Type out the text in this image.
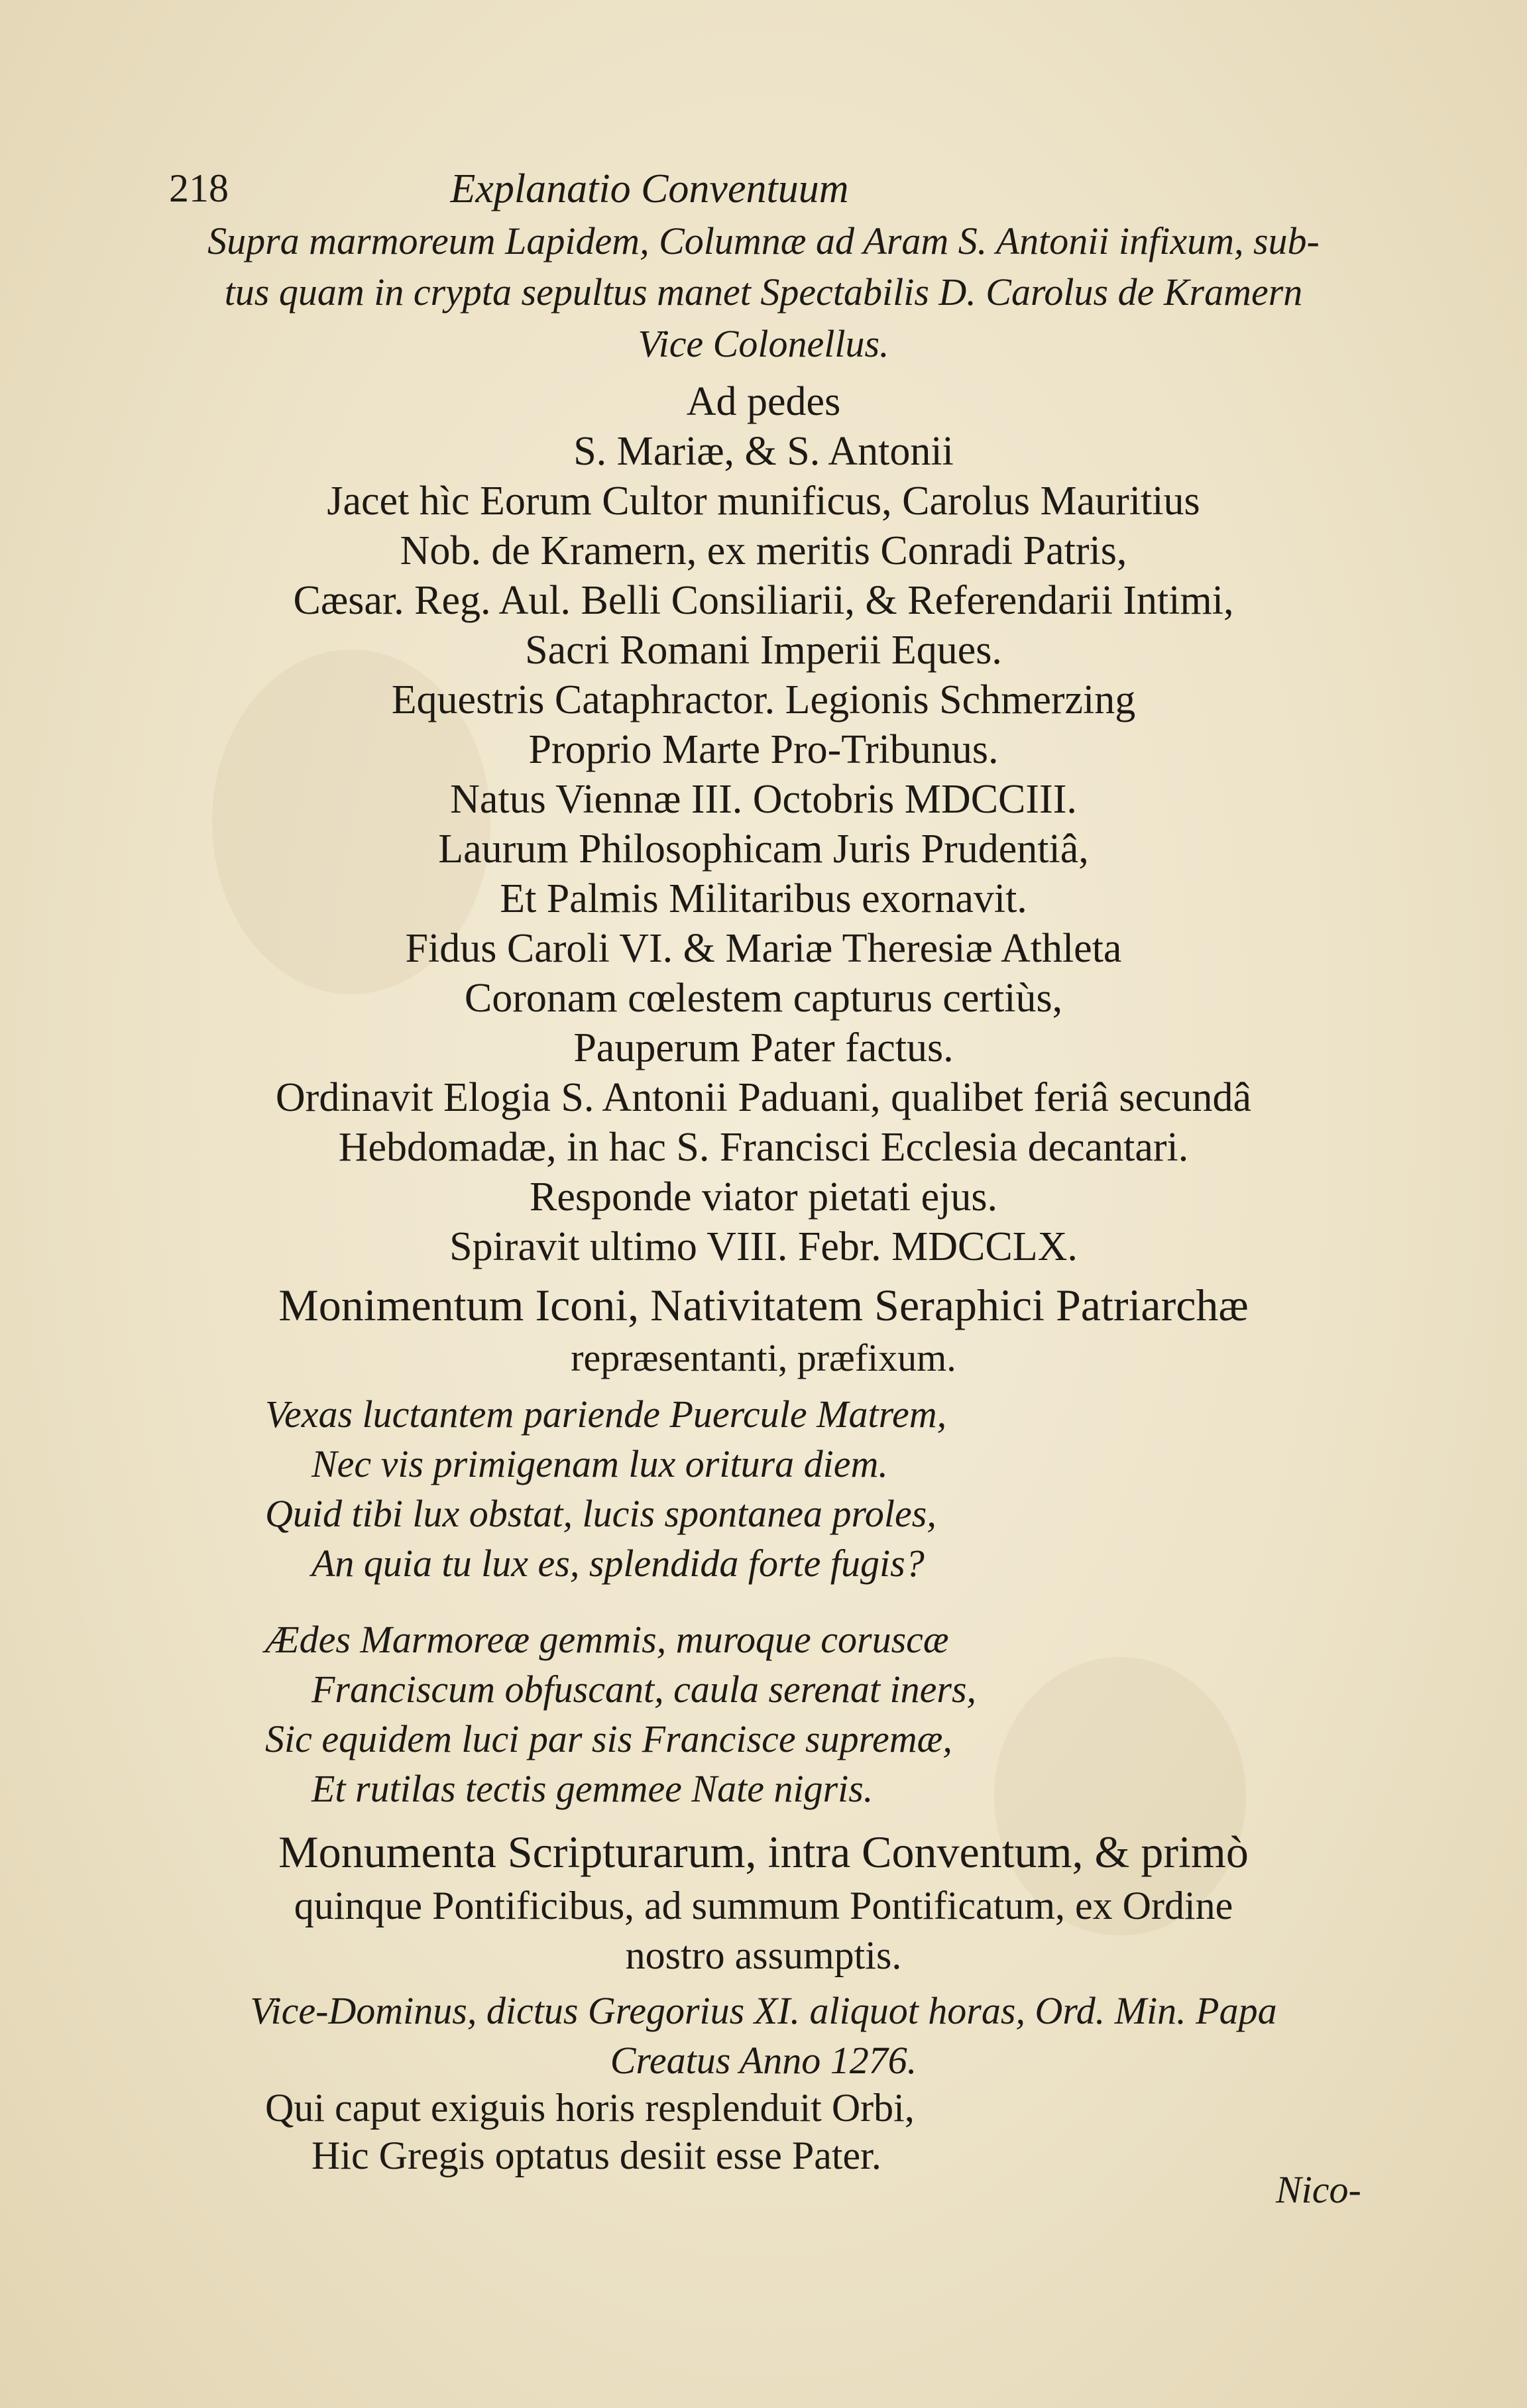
218	Explanatio Conventuum
Supra marmoreum Lapidem, Columnæ ad Aram S. Antonii infixum, sub-
tus quam in crypta sepultus manet Spectabilis D. Carolus de Kramern
Vice Colonellus.
Ad pedes
S. Mariæ, & S. Antonii
Jacet hìc Eorum Cultor munificus, Carolus Mauritius
Nob. de Kramern, ex meritis Conradi Patris,
Cæsar. Reg. Aul. Belli Consiliarii, & Referendarii Intimi,
Sacri Romani Imperii Eques.
Equestris Cataphractor. Legionis Schmerzing
Proprio Marte Pro-Tribunus.
Natus Viennæ III. Octobris MDCCIII.
Laurum Philosophicam Juris Prudentiâ,
Et Palmis Militaribus exornavit.
Fidus Caroli VI. & Mariæ Theresiæ Athleta
Coronam cœlestem capturus certiùs,
Pauperum Pater factus.
Ordinavit Elogia S. Antonii Paduani, qualibet feriâ secundâ
Hebdomadæ, in hac S. Francisci Ecclesia decantari.
Responde viator pietati ejus.
Spiravit ultimo VIII. Febr. MDCCLX.
Monimentum Iconi, Nativitatem Seraphici Patriarchæ
repræsentanti, præfixum.
Vexas luctantem pariende Puercule Matrem,
Nec vis primigenam lux oritura diem.
Quid tibi lux obstat, lucis spontanea proles,
An quia tu lux es, splendida forte fugis?
Ædes Marmoreæ gemmis, muroque coruscæ
Franciscum obfuscant, caula serenat iners,
Sic equidem luci par sis Francisce supremæ,
Et rutilas tectis gemmee Nate nigris.
Monumenta Scripturarum, intra Conventum, & primò
quinque Pontificibus, ad summum Pontificatum, ex Ordine
nostro assumptis.
Vice-Dominus, dictus Gregorius XI. aliquot horas, Ord. Min. Papa
Creatus Anno 1276.
Qui caput exiguis horis resplenduit Orbi,
Hic Gregis optatus desiit esse Pater.
Nico-
